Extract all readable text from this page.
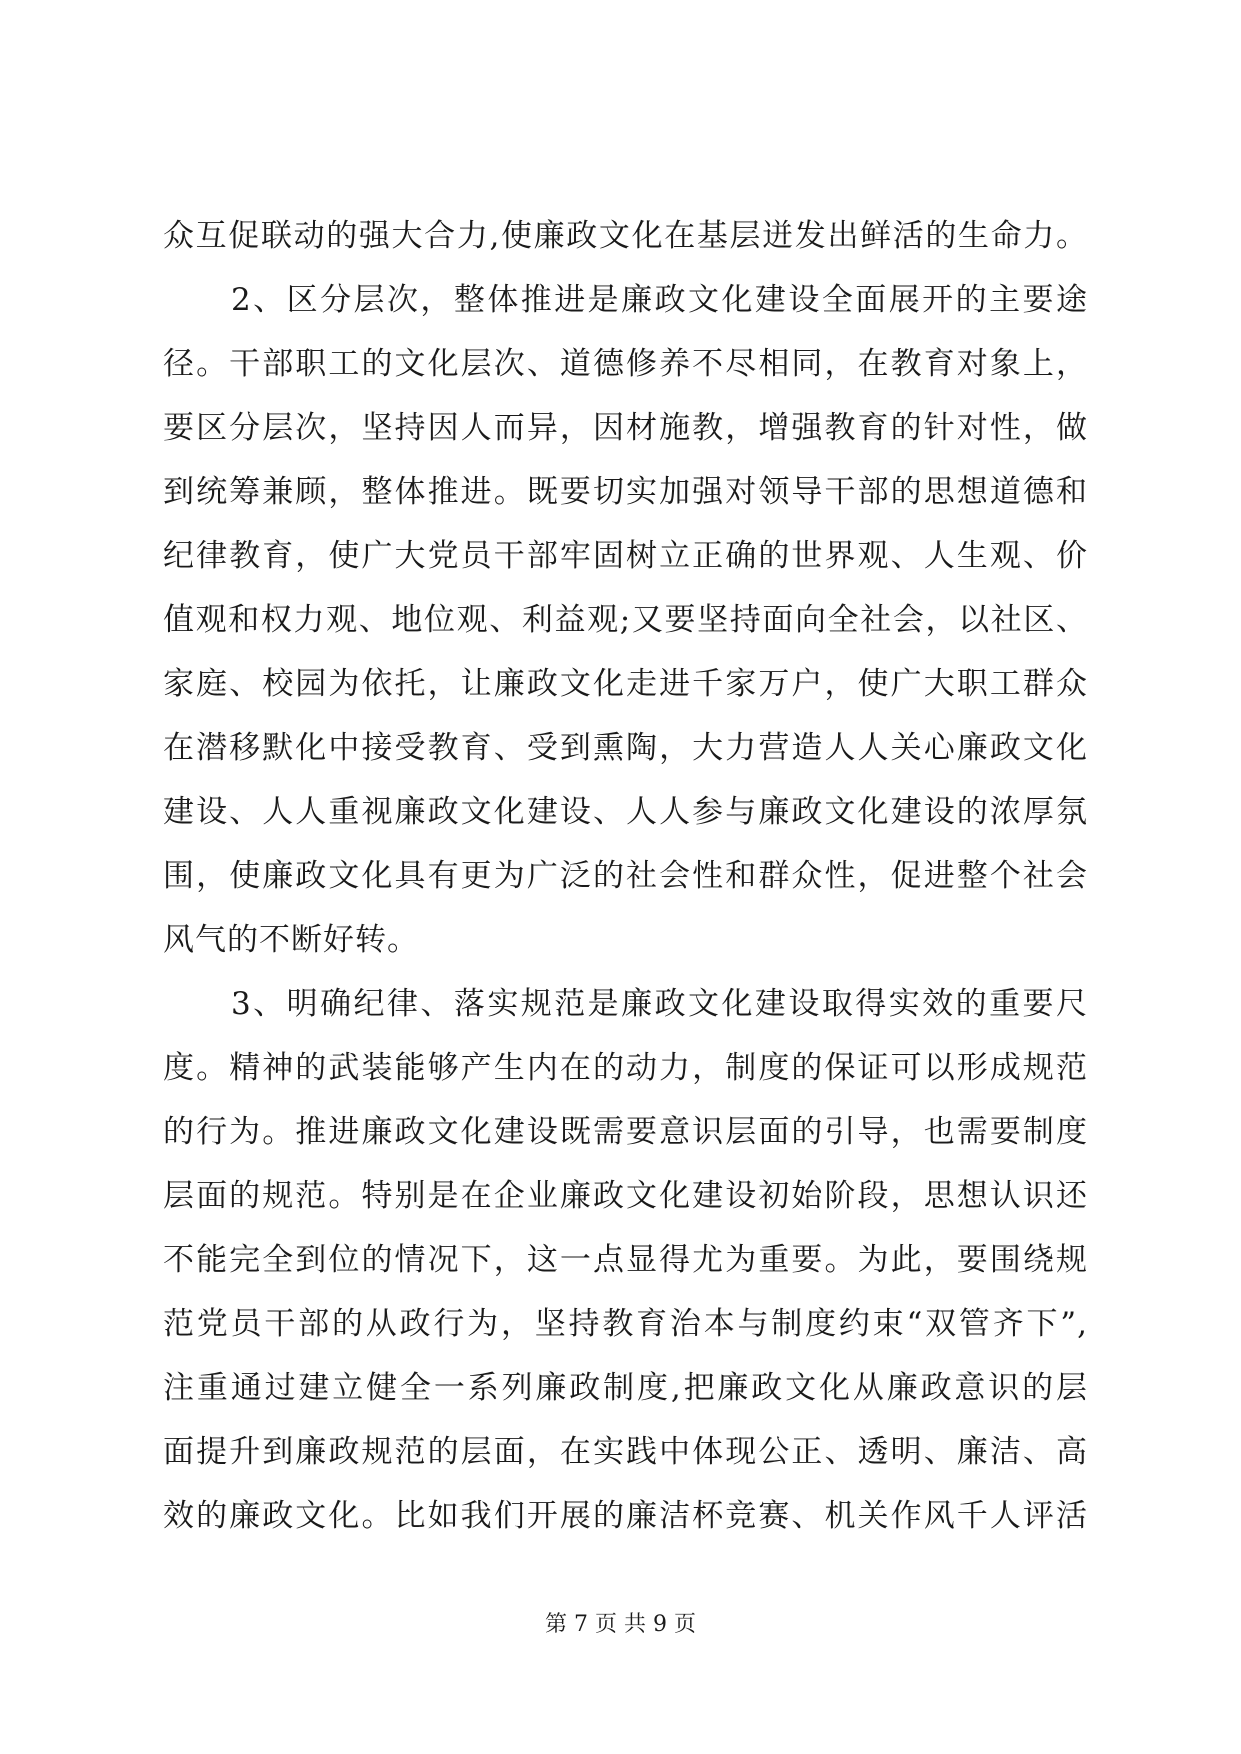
众互促联动的强大合力,使廉政文化在基层迸发出鲜活的生命力。
2、区分层次，整体推进是廉政文化建设全面展开的主要途
径。干部职工的文化层次、道德修养不尽相同，在教育对象上，
要区分层次，坚持因人而异，因材施教，增强教育的针对性，做
到统筹兼顾，整体推进。既要切实加强对领导干部的思想道德和
纪律教育，使广大党员干部牢固树立正确的世界观、人生观、价
值观和权力观、地位观、利益观;又要坚持面向全社会，以社区、
家庭、校园为依托，让廉政文化走进千家万户，使广大职工群众
在潜移默化中接受教育、受到熏陶，大力营造人人关心廉政文化
建设、人人重视廉政文化建设、人人参与廉政文化建设的浓厚氛
围，使廉政文化具有更为广泛的社会性和群众性，促进整个社会
风气的不断好转。
3、明确纪律、落实规范是廉政文化建设取得实效的重要尺
度。精神的武装能够产生内在的动力，制度的保证可以形成规范
的行为。推进廉政文化建设既需要意识层面的引导，也需要制度
层面的规范。特别是在企业廉政文化建设初始阶段，思想认识还
不能完全到位的情况下，这一点显得尤为重要。为此，要围绕规
范党员干部的从政行为，坚持教育治本与制度约束“双管齐下”,
注重通过建立健全一系列廉政制度,把廉政文化从廉政意识的层
面提升到廉政规范的层面，在实践中体现公正、透明、廉洁、高
效的廉政文化。比如我们开展的廉洁杯竞赛、机关作风千人评活
第 7 页 共 9 页
